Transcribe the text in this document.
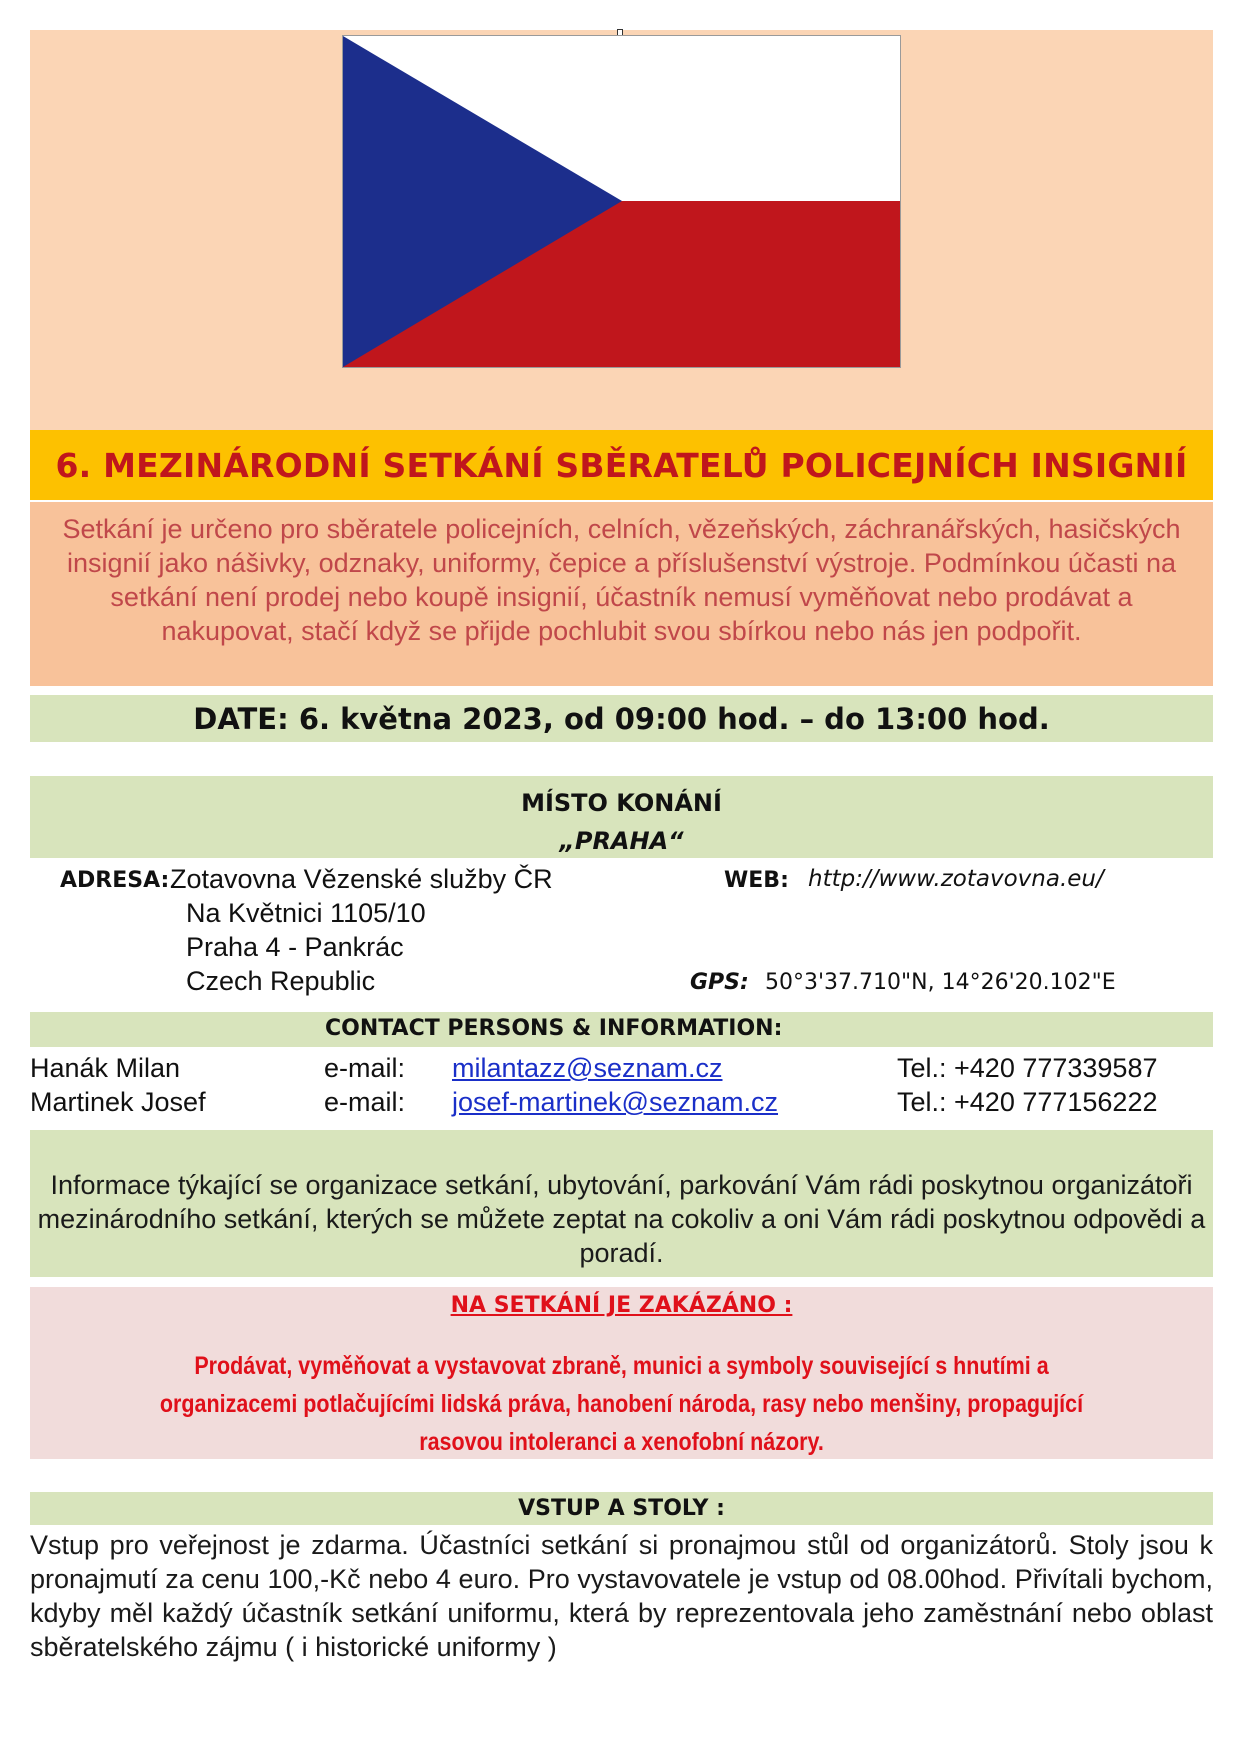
6. MEZINÁRODNÍ SETKÁNÍ SBĚRATELŮ POLICEJNÍCH INSIGNIÍ
Setkání je určeno pro sběratele policejních, celních, vězeňských, záchranářských, hasičských insignií jako nášivky, odznaky, uniformy, čepice a příslušenství výstroje. Podmínkou účasti na setkání není prodej nebo koupě insignií, účastník nemusí vyměňovat nebo prodávat a nakupovat, stačí když se přijde pochlubit svou sbírkou nebo nás jen podpořit.
DATE: 6. května 2023, od 09:00 hod. – do 13:00 hod.
MÍSTO KONÁNÍ
„PRAHA“
ADRESA: Zotavovna Vězenské služby ČR
Na Květnici 1105/10
Praha 4 - Pankrác
Czech Republic
WEB: http://www.zotavovna.eu/
GPS: 50°3'37.710"N, 14°26'20.102"E
CONTACT PERSONS & INFORMATION:
Hanák Milan	e-mail: milantazz@seznam.cz	Tel.: +420 777339587
Martinek Josef	e-mail: josef-martinek@seznam.cz	Tel.: +420 777156222
Informace týkající se organizace setkání, ubytování, parkování Vám rádi poskytnou organizátoři mezinárodního setkání, kterých se můžete zeptat na cokoliv a oni Vám rádi poskytnou odpovědi a poradí.
NA SETKÁNÍ JE ZAKÁZÁNO :
Prodávat, vyměňovat a vystavovat zbraně, munici a symboly související s hnutími a organizacemi potlačujícími lidská práva, hanobení národa, rasy nebo menšiny, propagující rasovou intoleranci a xenofobní názory.
VSTUP A STOLY :
Vstup pro veřejnost je zdarma. Účastníci setkání si pronajmou stůl od organizátorů. Stoly jsou k pronajmutí za cenu 100,-Kč nebo 4 euro. Pro vystavovatele je vstup od 08.00hod. Přivítali bychom, kdyby měl každý účastník setkání uniformu, která by reprezentovala jeho zaměstnání nebo oblast sběratelského zájmu ( i historické uniformy )
